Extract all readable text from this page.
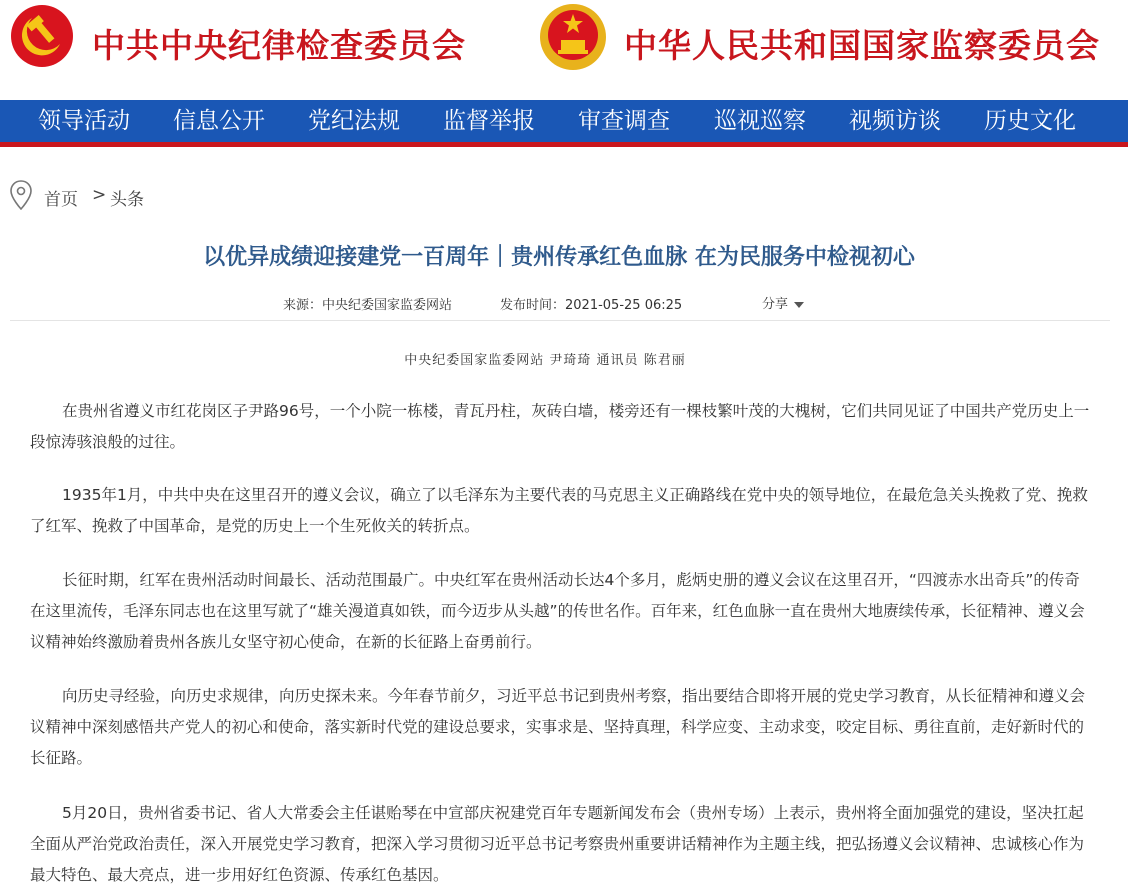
中共中央纪律检查委员会	中华人民共和国国家监察委员会
领导活动 信息公开 党纪法规 监督举报 审查调查 巡视巡察 视频访谈 历史文化
首页 > 头条
以优异成绩迎接建党一百周年｜贵州传承红色血脉 在为民服务中检视初心
来源：中央纪委国家监委网站	发布时间：2021-05-25 06:25	分享
中央纪委国家监委网站 尹琦琦 通讯员 陈君丽

在贵州省遵义市红花岗区子尹路96号，一个小院一栋楼，青瓦丹柱，灰砖白墙，楼旁还有一棵枝繁叶茂的大槐树，它们共同见证了中国共产党历史上一段惊涛骇浪般的过往。

1935年1月，中共中央在这里召开的遵义会议，确立了以毛泽东为主要代表的马克思主义正确路线在党中央的领导地位，在最危急关头挽救了党、挽救了红军、挽救了中国革命，是党的历史上一个生死攸关的转折点。

长征时期，红军在贵州活动时间最长、活动范围最广。中央红军在贵州活动长达4个多月，彪炳史册的遵义会议在这里召开，“四渡赤水出奇兵”的传奇在这里流传，毛泽东同志也在这里写就了“雄关漫道真如铁，而今迈步从头越”的传世名作。百年来，红色血脉一直在贵州大地赓续传承，长征精神、遵义会议精神始终激励着贵州各族儿女坚守初心使命，在新的长征路上奋勇前行。

向历史寻经验，向历史求规律，向历史探未来。今年春节前夕，习近平总书记到贵州考察，指出要结合即将开展的党史学习教育，从长征精神和遵义会议精神中深刻感悟共产党人的初心和使命，落实新时代党的建设总要求，实事求是、坚持真理，科学应变、主动求变，咬定目标、勇往直前，走好新时代的长征路。

5月20日，贵州省委书记、省人大常委会主任谌贻琴在中宣部庆祝建党百年专题新闻发布会（贵州专场）上表示，贵州将全面加强党的建设，坚决扛起全面从严治党政治责任，深入开展党史学习教育，把深入学习贯彻习近平总书记考察贵州重要讲话精神作为主题主线，把弘扬遵义会议精神、忠诚核心作为最大特色、最大亮点，进一步用好红色资源、传承红色基因。
